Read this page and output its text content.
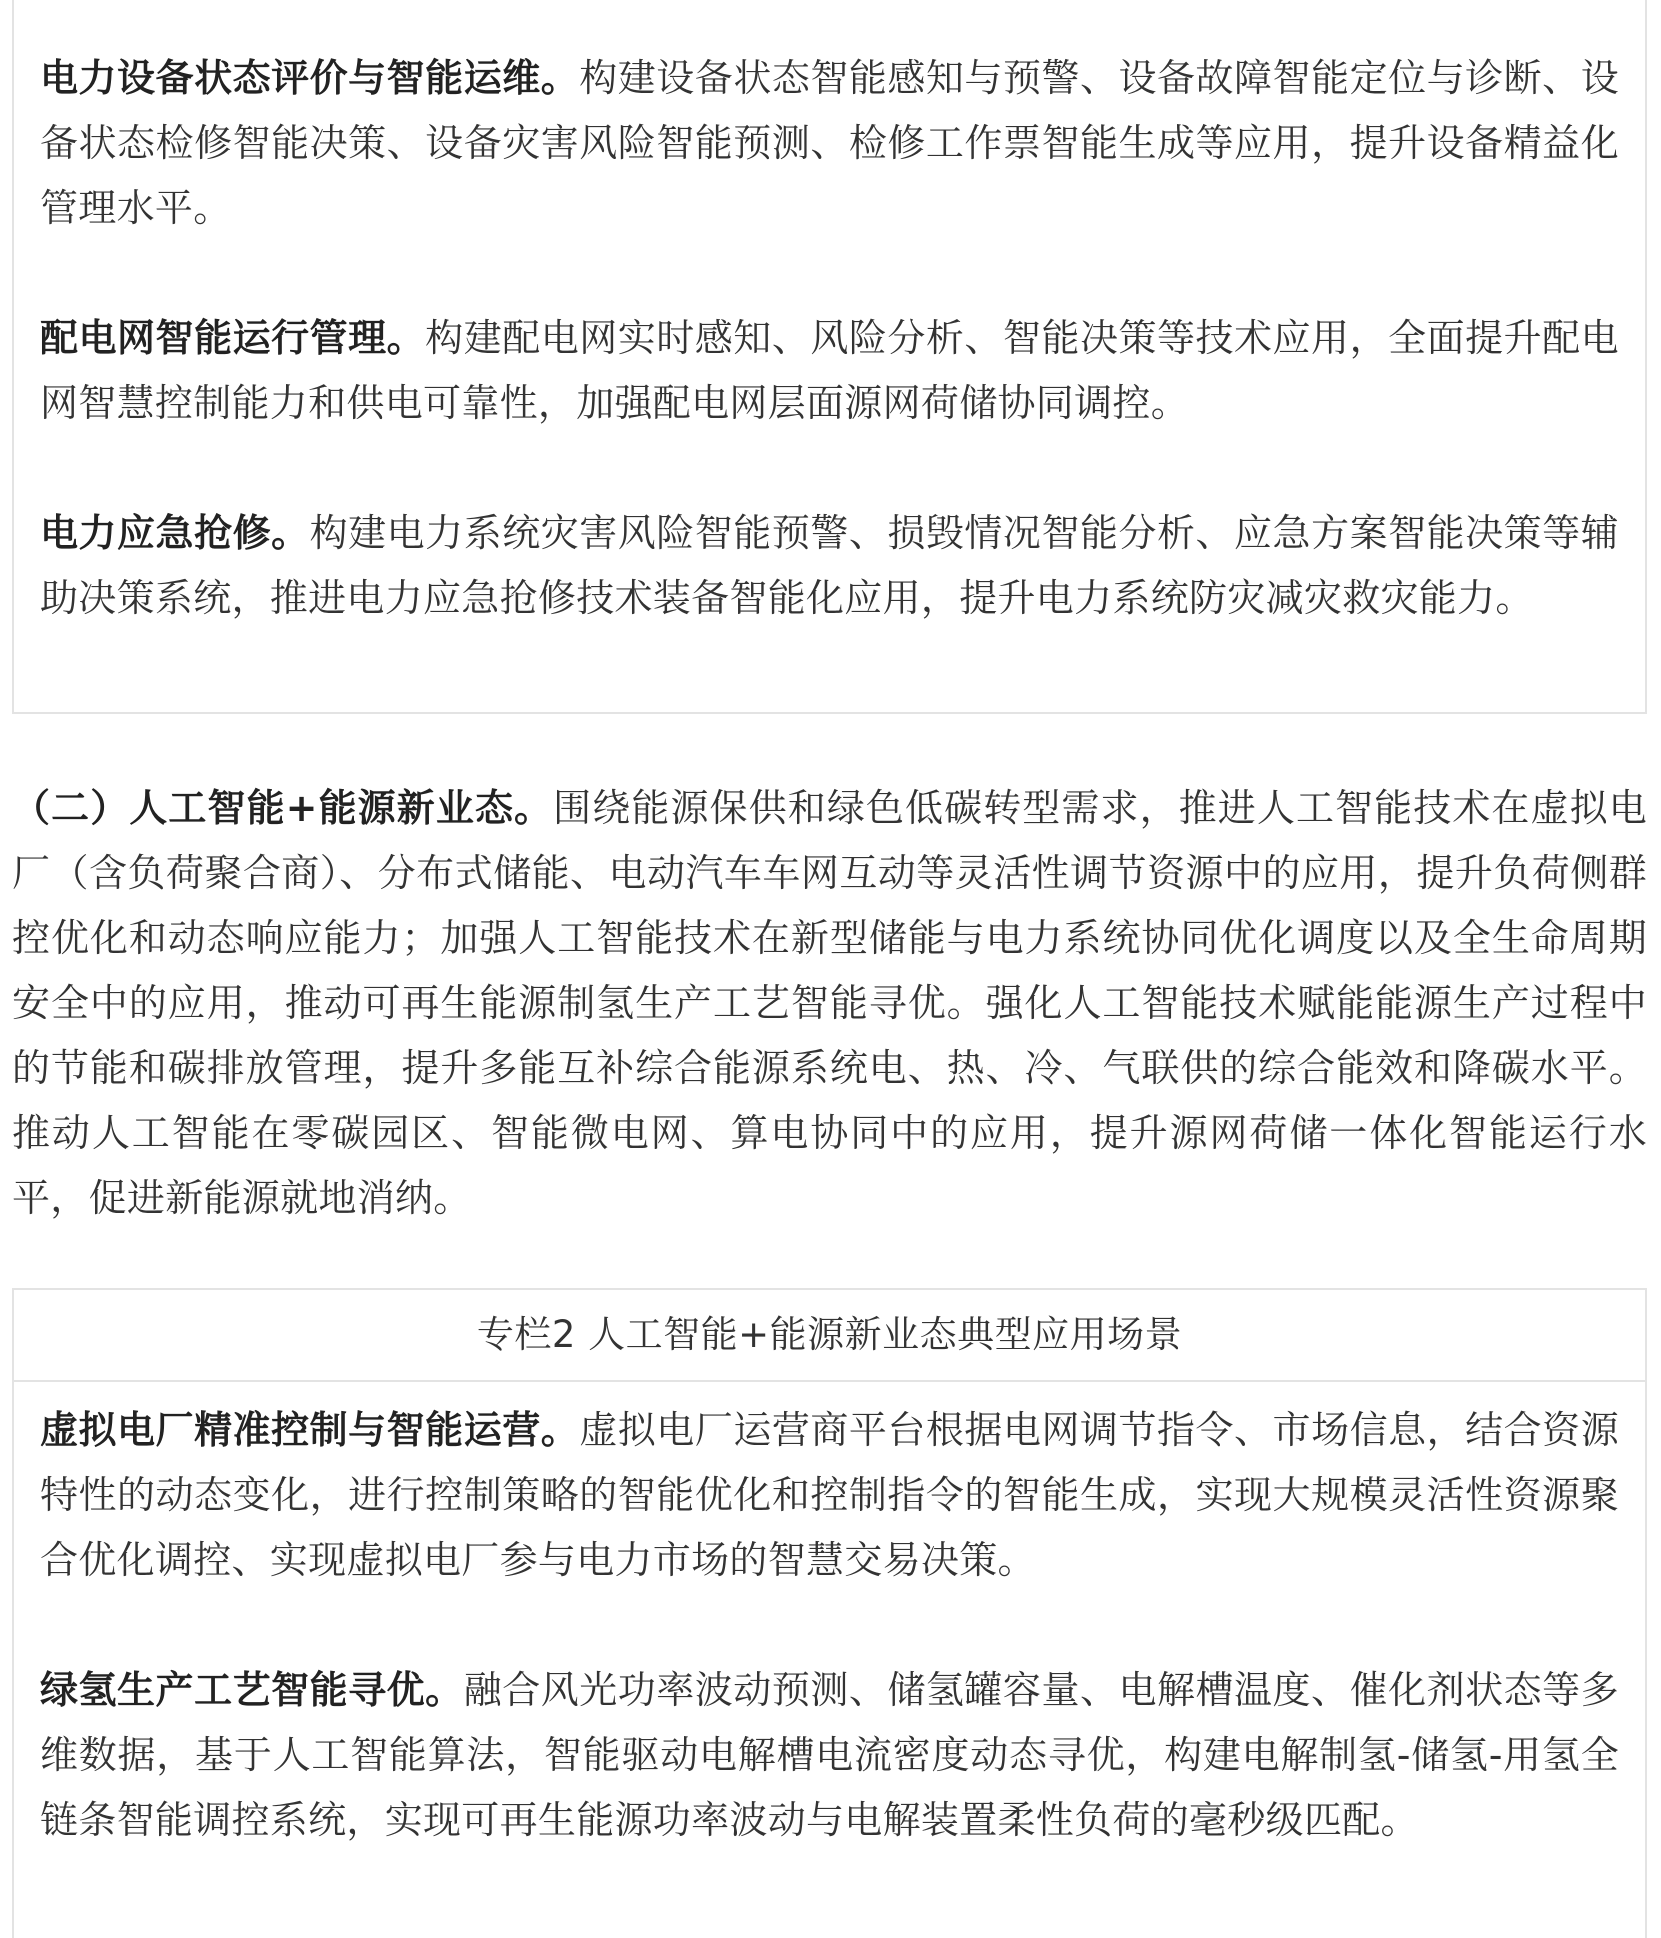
电力设备状态评价与智能运维。构建设备状态智能感知与预警、设备故障智能定位与诊断、设备状态检修智能决策、设备灾害风险智能预测、检修工作票智能生成等应用，提升设备精益化管理水平。

配电网智能运行管理。构建配电网实时感知、风险分析、智能决策等技术应用，全面提升配电网智慧控制能力和供电可靠性，加强配电网层面源网荷储协同调控。

电力应急抢修。构建电力系统灾害风险智能预警、损毁情况智能分析、应急方案智能决策等辅助决策系统，推进电力应急抢修技术装备智能化应用，提升电力系统防灾减灾救灾能力。

（二）人工智能+能源新业态。围绕能源保供和绿色低碳转型需求，推进人工智能技术在虚拟电厂（含负荷聚合商）、分布式储能、电动汽车车网互动等灵活性调节资源中的应用，提升负荷侧群控优化和动态响应能力；加强人工智能技术在新型储能与电力系统协同优化调度以及全生命周期安全中的应用，推动可再生能源制氢生产工艺智能寻优。强化人工智能技术赋能能源生产过程中的节能和碳排放管理，提升多能互补综合能源系统电、热、冷、气联供的综合能效和降碳水平。推动人工智能在零碳园区、智能微电网、算电协同中的应用，提升源网荷储一体化智能运行水平，促进新能源就地消纳。

专栏2 人工智能+能源新业态典型应用场景

虚拟电厂精准控制与智能运营。虚拟电厂运营商平台根据电网调节指令、市场信息，结合资源特性的动态变化，进行控制策略的智能优化和控制指令的智能生成，实现大规模灵活性资源聚合优化调控、实现虚拟电厂参与电力市场的智慧交易决策。

绿氢生产工艺智能寻优。融合风光功率波动预测、储氢罐容量、电解槽温度、催化剂状态等多维数据，基于人工智能算法，智能驱动电解槽电流密度动态寻优，构建电解制氢-储氢-用氢全链条智能调控系统，实现可再生能源功率波动与电解装置柔性负荷的毫秒级匹配。
